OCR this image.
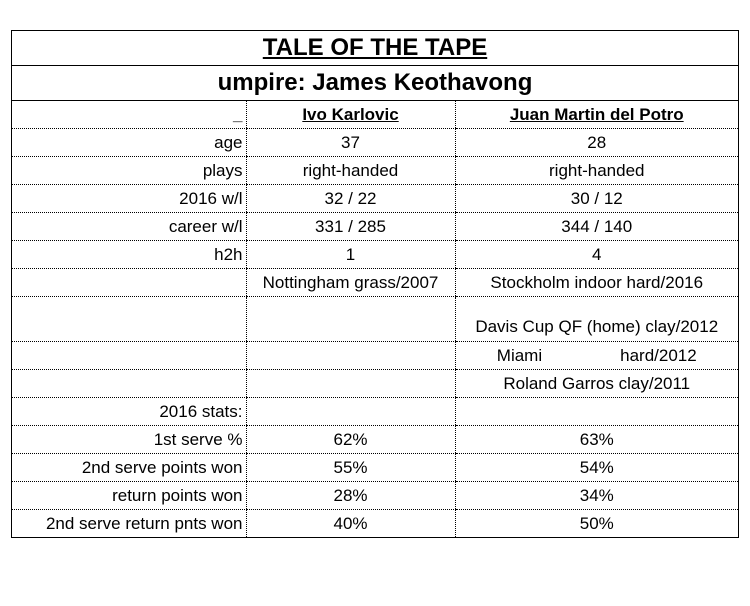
TALE OF THE TAPE		
umpire: James Keothavong		
_	Ivo Karlovic	Juan Martin del Potro
age	37	28
plays	right-handed	right-handed
2016 w/l	32 / 22	30 / 12
career w/l	331 / 285	344 / 140
h2h	1	4
	Nottingham grass/2007	Stockholm indoor hard/2016
		Davis Cup QF (home) clay/2012
		Miami hard/2012
		Roland Garros clay/2011
2016 stats:		
1st serve %	62%	63%
2nd serve points won	55%	54%
return points won	28%	34%
2nd serve return pnts won	40%	50%
